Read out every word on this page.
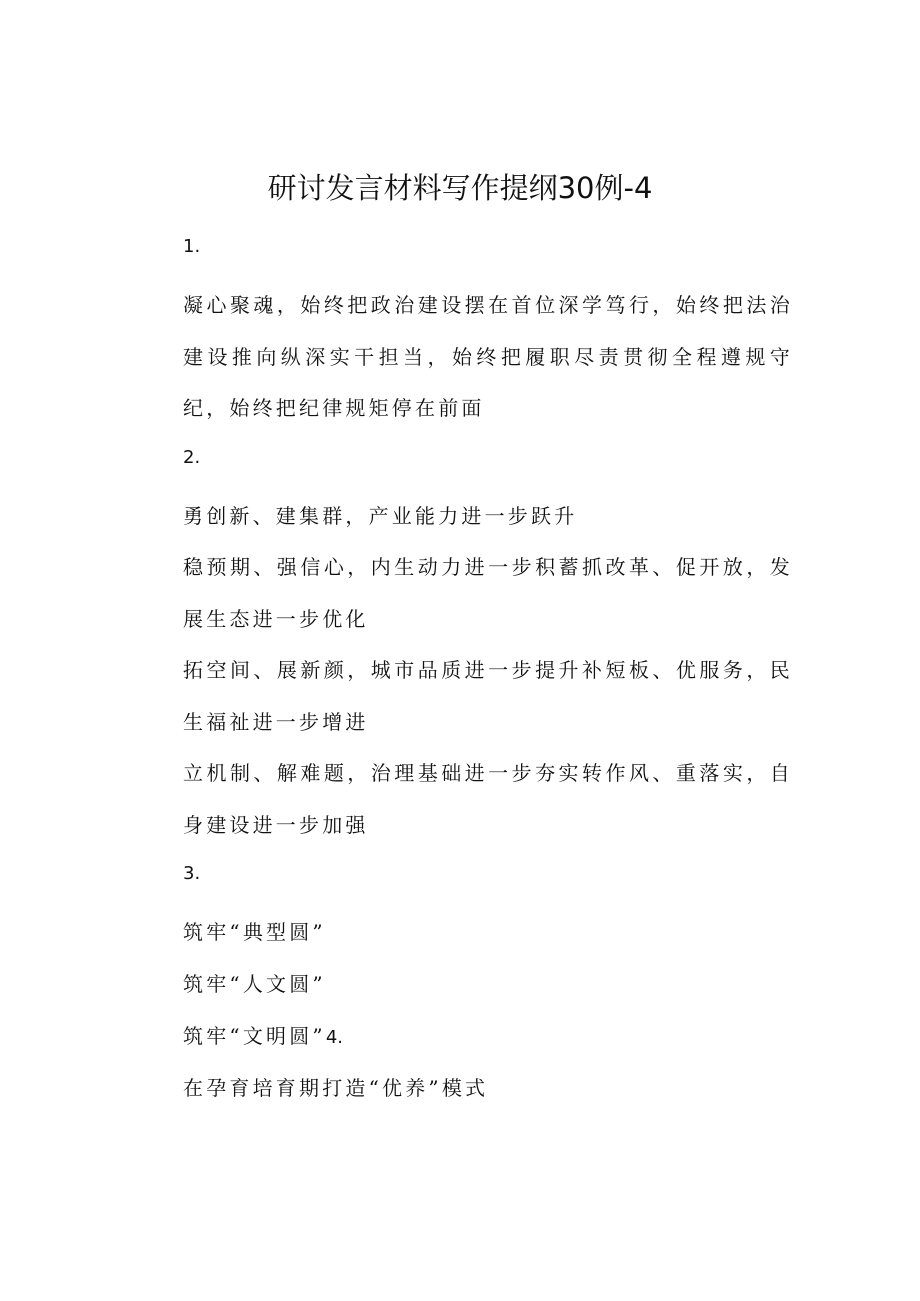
研讨发言材料写作提纲30例-4
1.

凝心聚魂，始终把政治建设摆在首位深学笃行，始终把法治建设推向纵深实干担当，始终把履职尽责贯彻全程遵规守纪，始终把纪律规矩停在前面

2.

勇创新、建集群，产业能力进一步跃升

稳预期、强信心，内生动力进一步积蓄抓改革、促开放，发展生态进一步优化

拓空间、展新颜，城市品质进一步提升补短板、优服务，民生福祉进一步增进

立机制、解难题，治理基础进一步夯实转作风、重落实，自身建设进一步加强

3.
筑牢“典型圆”
筑牢“人文圆”
筑牢“文明圆”4.
在孕育培育期打造“优养”模式
